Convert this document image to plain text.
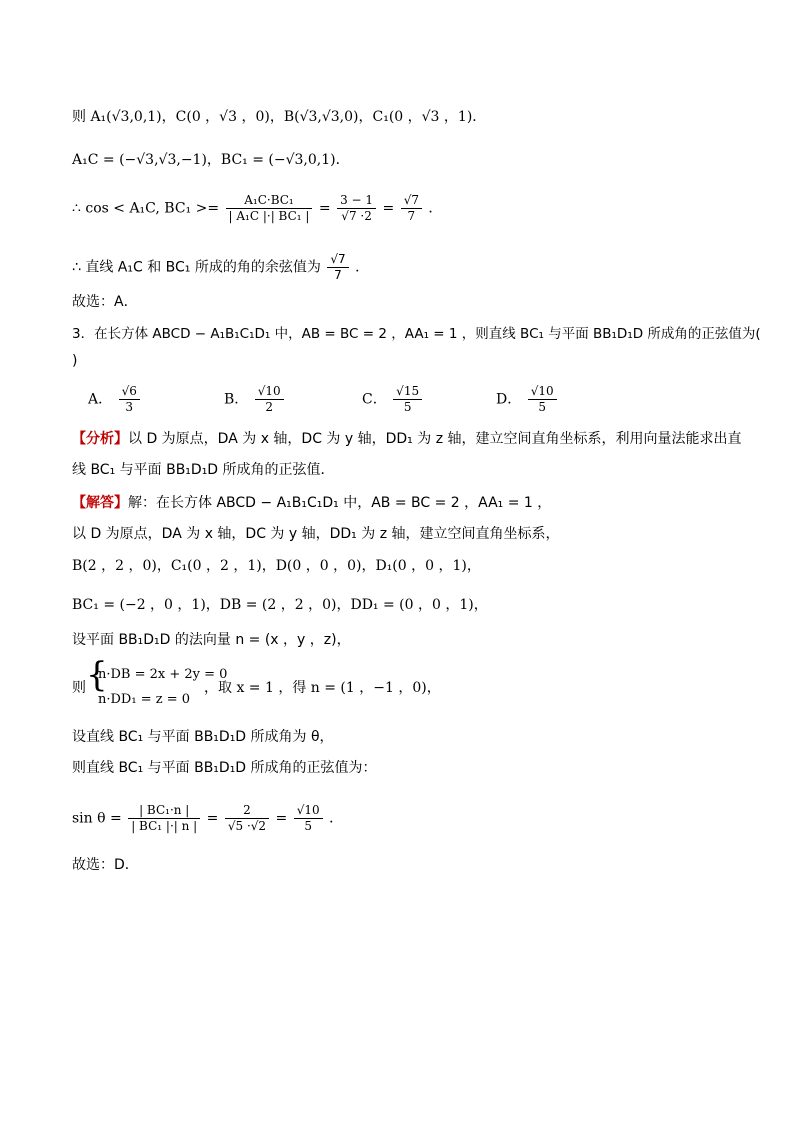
则 A₁(√3,0,1)，C(0 ，√3 ，0)，B(√3,√3,0)，C₁(0 ，√3 ，1)．
A₁C = (−√3,√3,−1)，BC₁ = (−√3,0,1)．
∴ cos < A₁C, $BC_1 >= \frac{\text{A₁C·BC₁}}{\text{| A₁C |·| BC₁ |}} = \frac{3 - 1}{√7 \cdot 2} = \frac{√7}{7}$ ．
∴ 直线 A₁C 和 BC₁ 所成的角的余弦值为 $\frac{√7}{7}$ ．
故选：A．
3．在长方体 ABCD − A₁B₁C₁D₁ 中，AB = BC = 2 ，AA₁ = 1 ，则直线 BC₁ 与平面 BB₁D₁D 所成角的正弦值为(
)
A． $\frac{√6}{3}$	B． $\frac{√10}{2}$	C． $\frac{√15}{5}$	D． $\frac{√10}{5}$
【分析】以 D 为原点，DA 为 x 轴，DC 为 y 轴，DD₁ 为 z 轴，建立空间直角坐标系，利用向量法能求出直
线 BC₁ 与平面 BB₁D₁D 所成角的正弦值．
【解答】解：在长方体 ABCD − A₁B₁C₁D₁ 中，AB = BC = 2 ，AA₁ = 1 ，
以 D 为原点，DA 为 x 轴，DC 为 y 轴，DD₁ 为 z 轴，建立空间直角坐标系，
B(2 ，2 ，0)，C₁(0 ，2 ，1)，D(0 ，0 ，0)，D₁(0 ，0 ，1)，
BC₁ = (−2 ，0 ，1)，DB = (2 ，2 ，0)，DD₁ = (0 ，0 ，1)，
设平面 BB₁D₁D 的法向量 n = (x ，y ，z)，
则 {
n·DB = 2x + 2y = 0
n·DD₁ = z = 0
，取 x = 1 ，得 n = (1 ，−1 ，0)，
设直线 BC₁ 与平面 BB₁D₁D 所成角为 θ，
则直线 BC₁ 与平面 BB₁D₁D 所成角的正弦值为：
$\sin \theta = \frac{\text{| BC₁·n |}}{\text{| BC₁ |·| n |}} = \frac{2}{√5 \cdot√2} = \frac{√10}{5}$ ．
故选：D．
